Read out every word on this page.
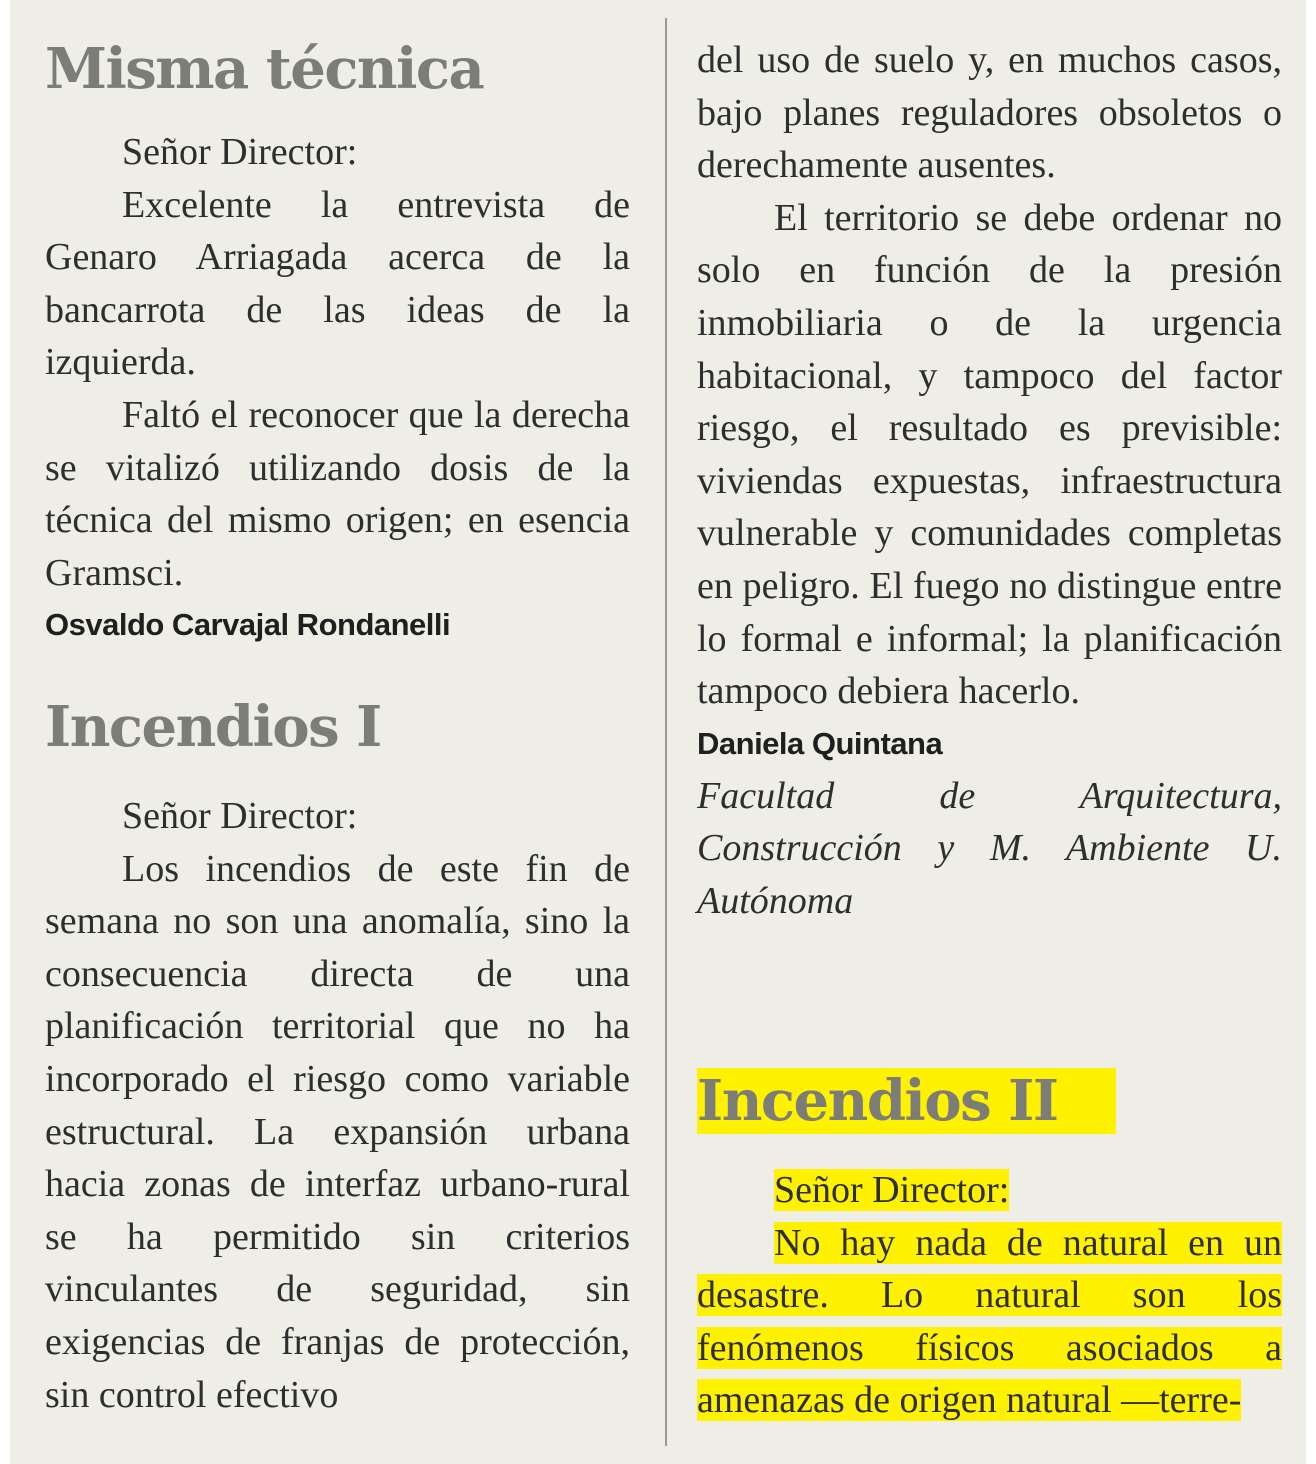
Misma técnica
Señor Director:
Excelente la entrevista de Genaro Arriagada acerca de la bancarrota de las ideas de la izquierda.
Faltó el reconocer que la derecha se vitalizó utilizando dosis de la técnica del mismo origen; en esencia Gramsci.
Osvaldo Carvajal Rondanelli
Incendios I
Señor Director:
Los incendios de este fin de semana no son una anomalía, sino la consecuencia directa de una planificación territorial que no ha incorporado el riesgo como variable estructural. La expansión urbana hacia zonas de interfaz urbano-rural se ha permitido sin criterios vinculantes de seguridad, sin exigencias de franjas de protección, sin control efectivo
del uso de suelo y, en muchos casos, bajo planes reguladores obsoletos o derechamente ausentes.
El territorio se debe ordenar no solo en función de la presión inmobiliaria o de la urgencia habitacional, y tampoco del factor riesgo, el resultado es previsible: viviendas expuestas, infraestructura vulnerable y comunidades completas en peligro. El fuego no distingue entre lo formal e informal; la planificación tampoco debiera hacerlo.
Daniela Quintana
Facultad de Arquitectura, Construcción y M. Ambiente U. Autónoma
Incendios II
Señor Director:
No hay nada de natural en un desastre. Lo natural son los fenómenos físicos asociados a amenazas de origen natural —terre-
